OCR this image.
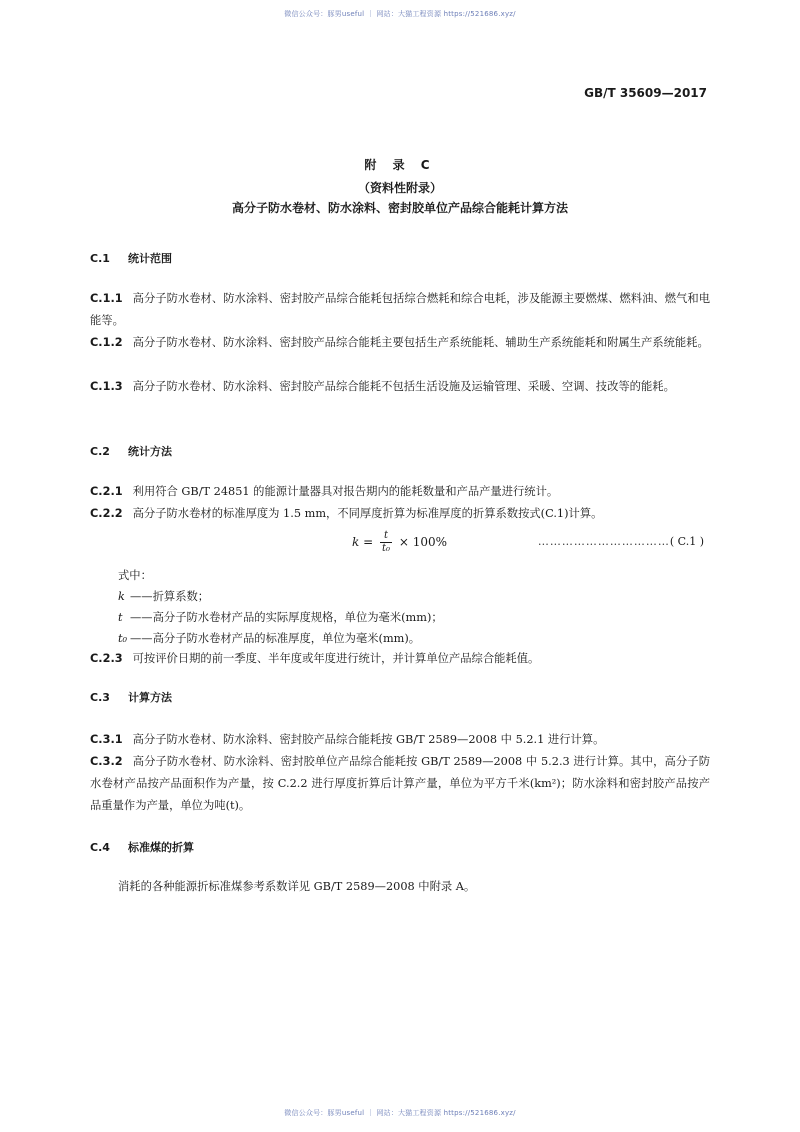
微信公众号：豚男useful ｜ 网站：大猫工程资源 https://521686.xyz/
GB/T 35609—2017
附 录 C
（资料性附录）
高分子防水卷材、防水涂料、密封胶单位产品综合能耗计算方法
C.1 统计范围
C.1.1 高分子防水卷材、防水涂料、密封胶产品综合能耗包括综合燃耗和综合电耗，涉及能源主要燃煤、燃料油、燃气和电能等。
C.1.2 高分子防水卷材、防水涂料、密封胶产品综合能耗主要包括生产系统能耗、辅助生产系统能耗和附属生产系统能耗。
C.1.3 高分子防水卷材、防水涂料、密封胶产品综合能耗不包括生活设施及运输管理、采暖、空调、技改等的能耗。
C.2 统计方法
C.2.1 利用符合 GB/T 24851 的能源计量器具对报告期内的能耗数量和产品产量进行统计。
C.2.2 高分子防水卷材的标准厚度为 1.5 mm，不同厚度折算为标准厚度的折算系数按式(C.1)计算。
$k = \frac{t}{\text{t₀}} \times 100\%$	……………………………( C.1 )
式中：
k ——折算系数；
t ——高分子防水卷材产品的实际厚度规格，单位为毫米(mm)；
t₀ ——高分子防水卷材产品的标准厚度，单位为毫米(mm)。
C.2.3 可按评价日期的前一季度、半年度或年度进行统计，并计算单位产品综合能耗值。
C.3 计算方法
C.3.1 高分子防水卷材、防水涂料、密封胶产品综合能耗按 GB/T 2589—2008 中 5.2.1 进行计算。
C.3.2 高分子防水卷材、防水涂料、密封胶单位产品综合能耗按 GB/T 2589—2008 中 5.2.3 进行计算。其中，高分子防水卷材产品按产品面积作为产量，按 C.2.2 进行厚度折算后计算产量，单位为平方千米(km²)；防水涂料和密封胶产品按产品重量作为产量，单位为吨(t)。
C.4 标准煤的折算
消耗的各种能源折标准煤参考系数详见 GB/T 2589—2008 中附录 A。
微信公众号：豚男useful ｜ 网站：大猫工程资源 https://521686.xyz/
